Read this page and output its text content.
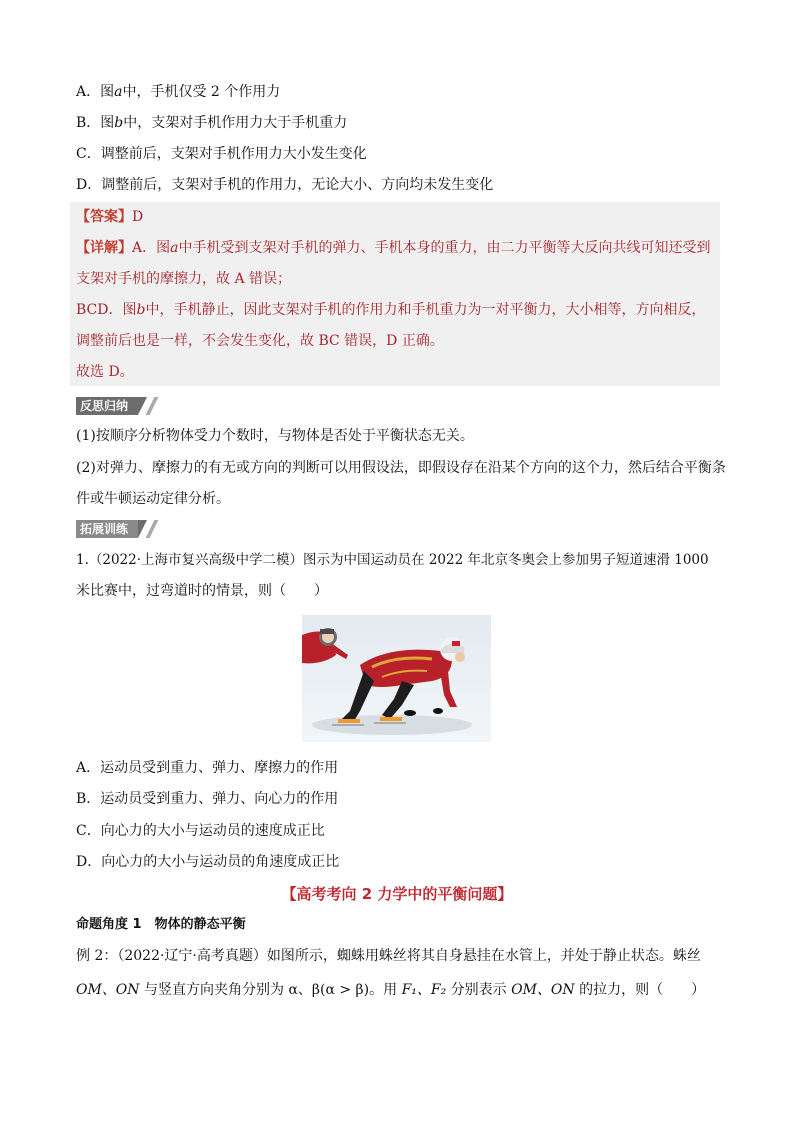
A．图a中，手机仅受 2 个作用力
B．图b中，支架对手机作用力大于手机重力
C．调整前后，支架对手机作用力大小发生变化
D．调整前后，支架对手机的作用力，无论大小、方向均未发生变化
【答案】D
【详解】A．图a中手机受到支架对手机的弹力、手机本身的重力，由二力平衡等大反向共线可知还受到
支架对手机的摩擦力，故 A 错误；
BCD．图b中，手机静止，因此支架对手机的作用力和手机重力为一对平衡力，大小相等，方向相反，
调整前后也是一样，不会发生变化，故 BC 错误，D 正确。
故选 D。
反思归纳
(1)按顺序分析物体受力个数时，与物体是否处于平衡状态无关。
(2)对弹力、摩擦力的有无或方向的判断可以用假设法，即假设存在沿某个方向的这个力，然后结合平衡条
件或牛顿运动定律分析。
拓展训练
1.（2022·上海市复兴高级中学二模）图示为中国运动员在 2022 年北京冬奥会上参加男子短道速滑 1000
米比赛中，过弯道时的情景，则（　　）
A．运动员受到重力、弹力、摩擦力的作用
B．运动员受到重力、弹力、向心力的作用
C．向心力的大小与运动员的速度成正比
D．向心力的大小与运动员的角速度成正比
【高考考向 2 力学中的平衡问题】
命题角度 1　物体的静态平衡
例 2：（2022·辽宁·高考真题）如图所示，蜘蛛用蛛丝将其自身悬挂在水管上，并处于静止状态。蛛丝
OM、ON 与竖直方向夹角分别为 α、β(α > β)。用 F₁、F₂ 分别表示 OM、ON 的拉力，则（　　）
